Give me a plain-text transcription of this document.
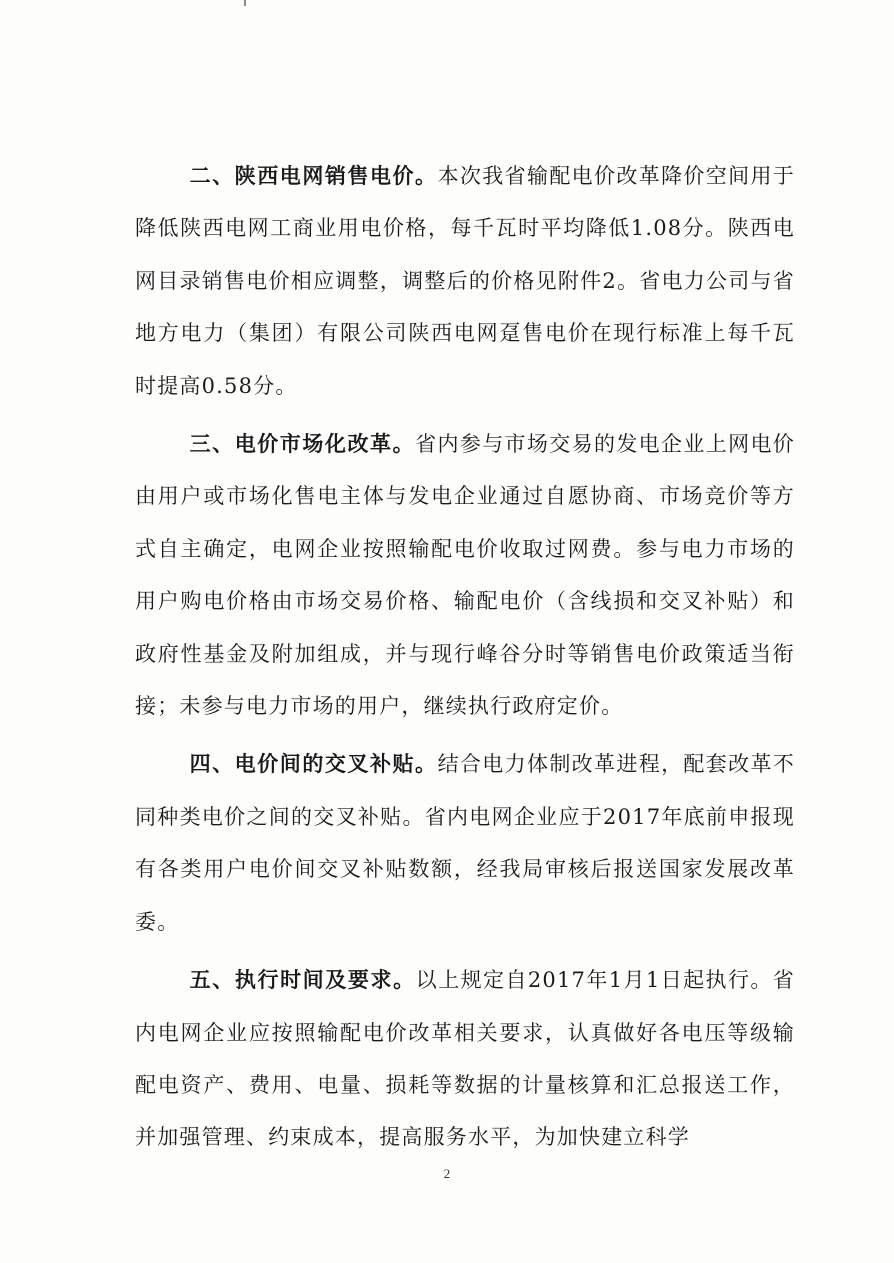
二、陕西电网销售电价。本次我省输配电价改革降价空间用于降低陕西电网工商业用电价格，每千瓦时平均降低1.08分。陕西电网目录销售电价相应调整，调整后的价格见附件2。省电力公司与省地方电力（集团）有限公司陕西电网趸售电价在现行标准上每千瓦时提高0.58分。

三、电价市场化改革。省内参与市场交易的发电企业上网电价由用户或市场化售电主体与发电企业通过自愿协商、市场竞价等方式自主确定，电网企业按照输配电价收取过网费。参与电力市场的用户购电价格由市场交易价格、输配电价（含线损和交叉补贴）和政府性基金及附加组成，并与现行峰谷分时等销售电价政策适当衔接；未参与电力市场的用户，继续执行政府定价。

四、电价间的交叉补贴。结合电力体制改革进程，配套改革不同种类电价之间的交叉补贴。省内电网企业应于2017年底前申报现有各类用户电价间交叉补贴数额，经我局审核后报送国家发展改革委。

五、执行时间及要求。以上规定自2017年1月1日起执行。省内电网企业应按照输配电价改革相关要求，认真做好各电压等级输配电资产、费用、电量、损耗等数据的计量核算和汇总报送工作，并加强管理、约束成本，提高服务水平，为加快建立科学

2
